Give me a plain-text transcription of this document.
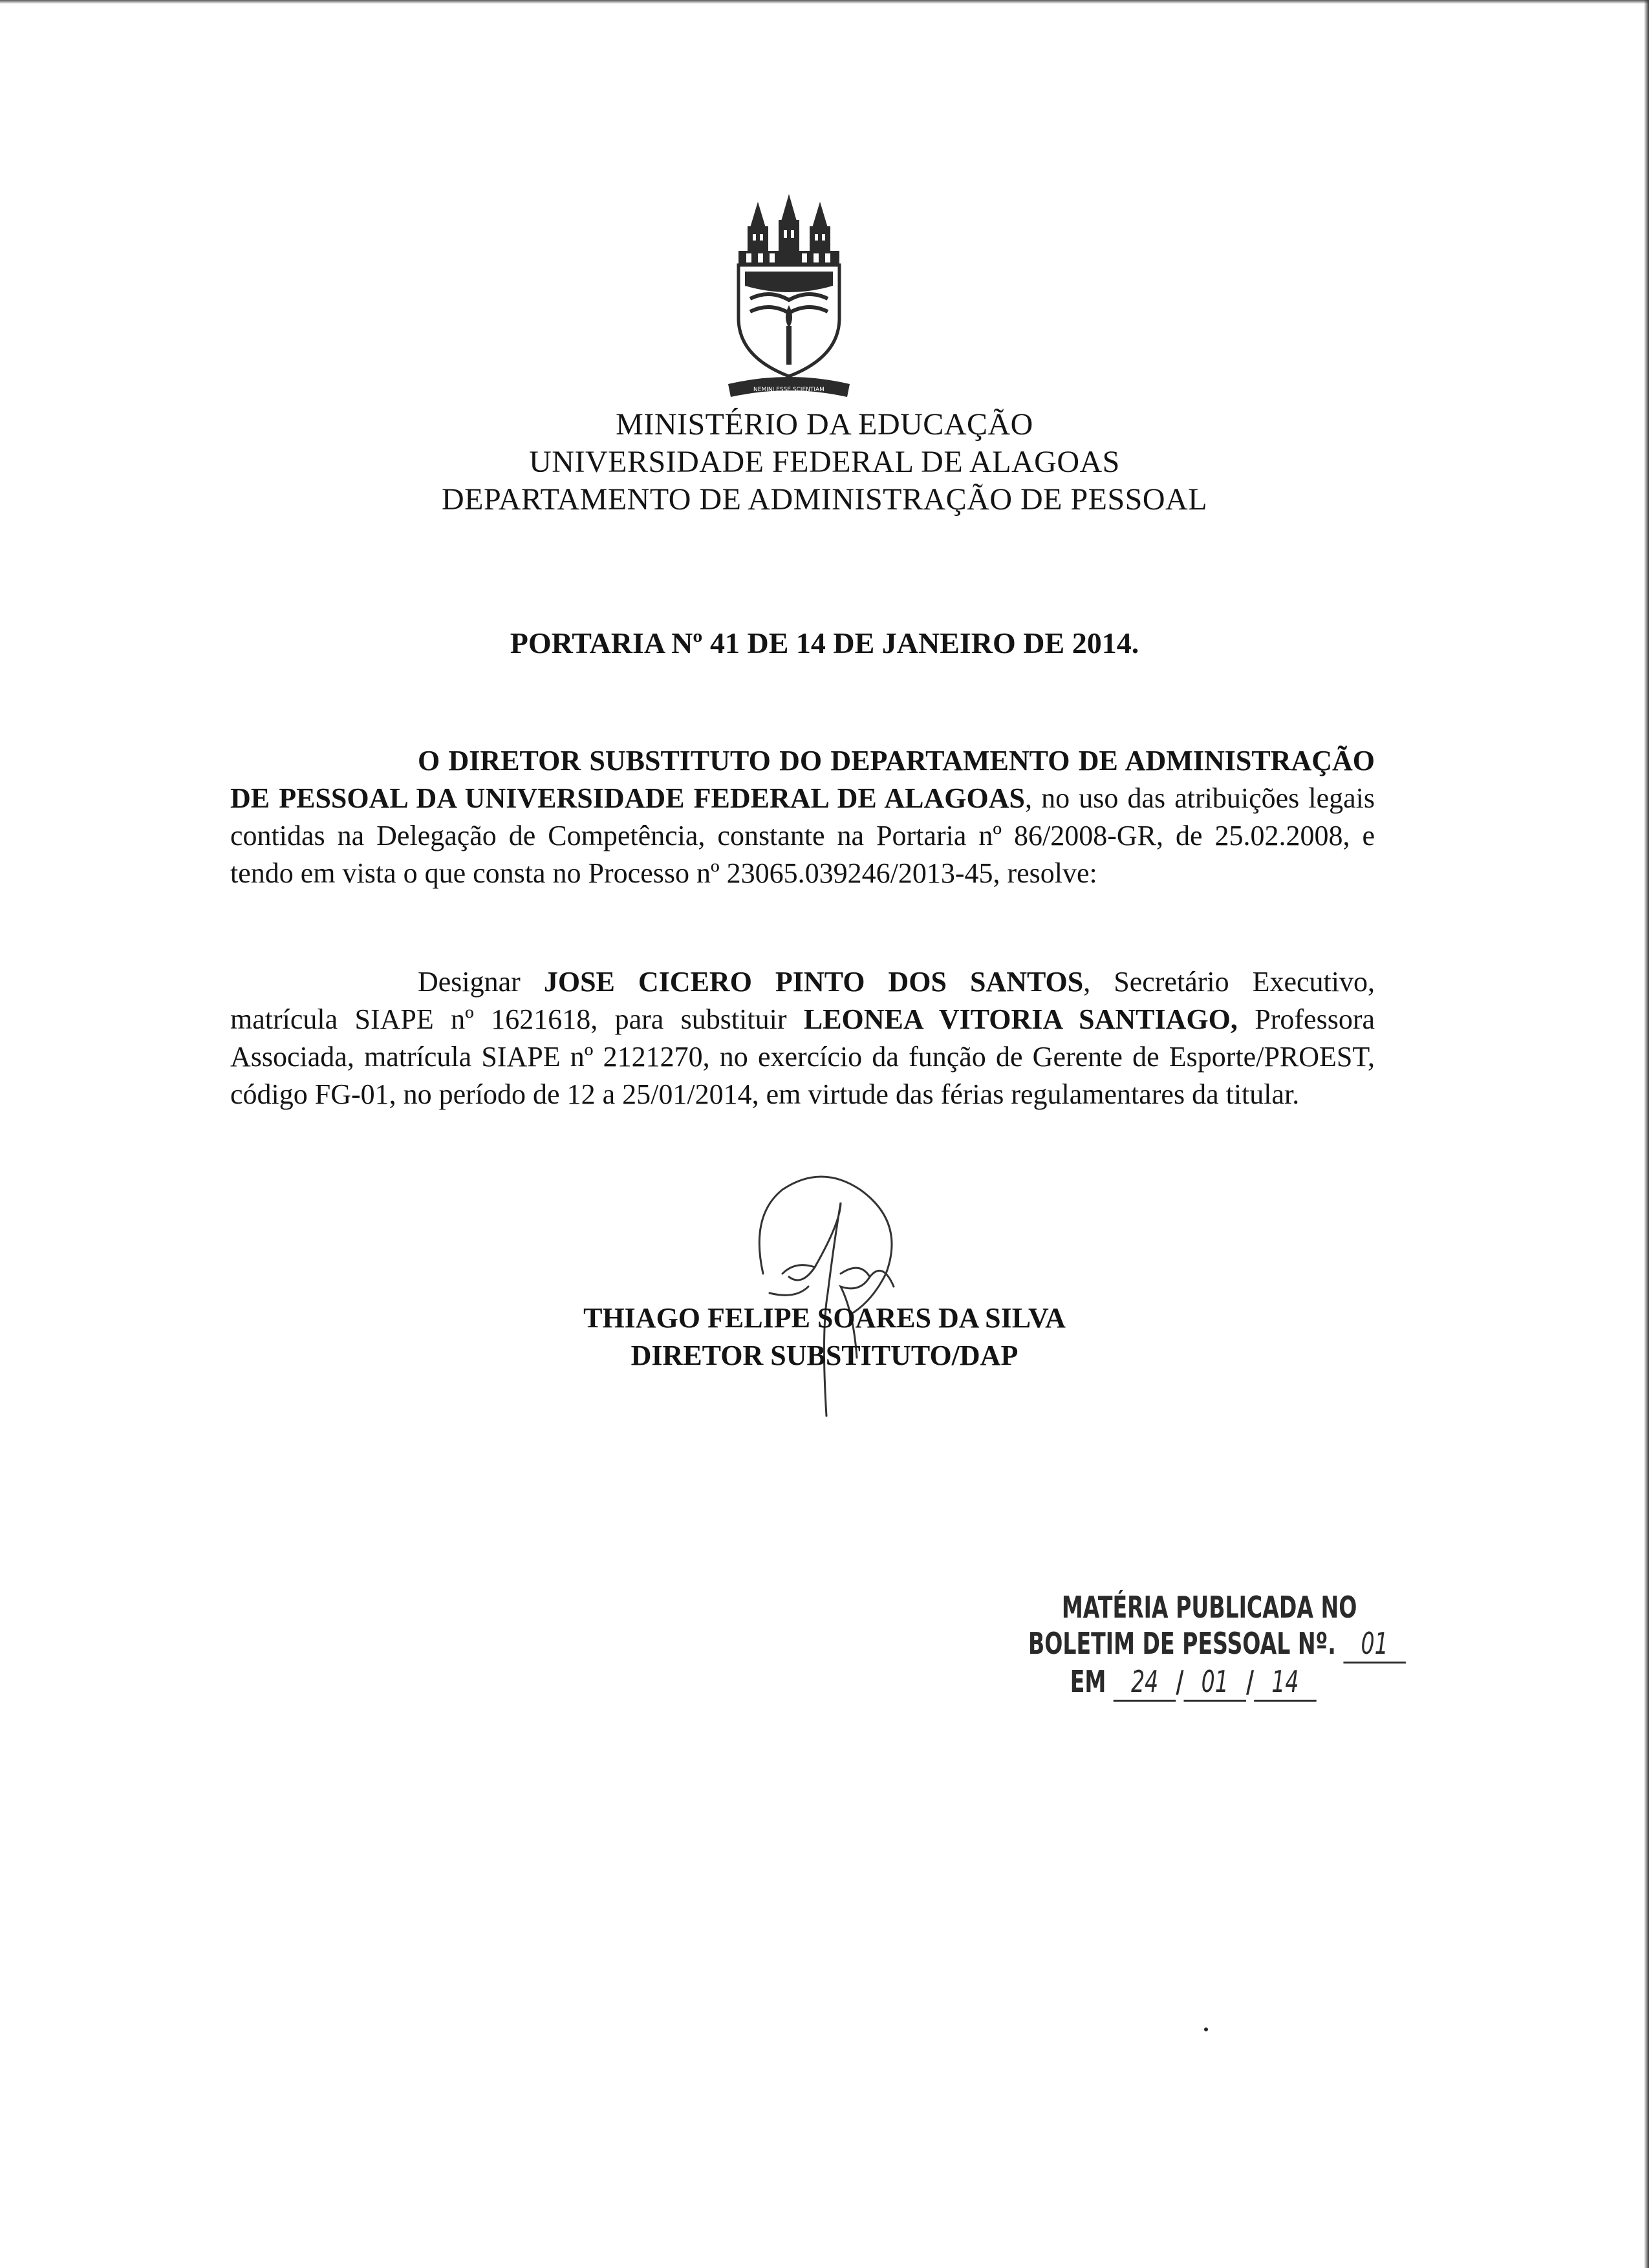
NEMINI ESSE SCIENTIAM
MINISTÉRIO DA EDUCAÇÃO
UNIVERSIDADE FEDERAL DE ALAGOAS
DEPARTAMENTO DE ADMINISTRAÇÃO DE PESSOAL
PORTARIA Nº 41 DE 14 DE JANEIRO DE 2014.
O DIRETOR SUBSTITUTO DO DEPARTAMENTO DE ADMINISTRAÇÃO DE PESSOAL DA UNIVERSIDADE FEDERAL DE ALAGOAS, no uso das atribuições legais contidas na Delegação de Competência, constante na Portaria nº 86/2008-GR, de 25.02.2008, e tendo em vista o que consta no Processo nº 23065.039246/2013-45, resolve:
Designar JOSE CICERO PINTO DOS SANTOS, Secretário Executivo, matrícula SIAPE nº 1621618, para substituir LEONEA VITORIA SANTIAGO, Professora Associada, matrícula SIAPE nº 2121270, no exercício da função de Gerente de Esporte/PROEST, código FG-01, no período de 12 a 25/01/2014, em virtude das férias regulamentares da titular.
THIAGO FELIPE SOARES DA SILVA
DIRETOR SUBSTITUTO/DAP
MATÉRIA PUBLICADA NO
BOLETIM DE PESSOAL Nº. 01
EM 24 / 01 / 14
